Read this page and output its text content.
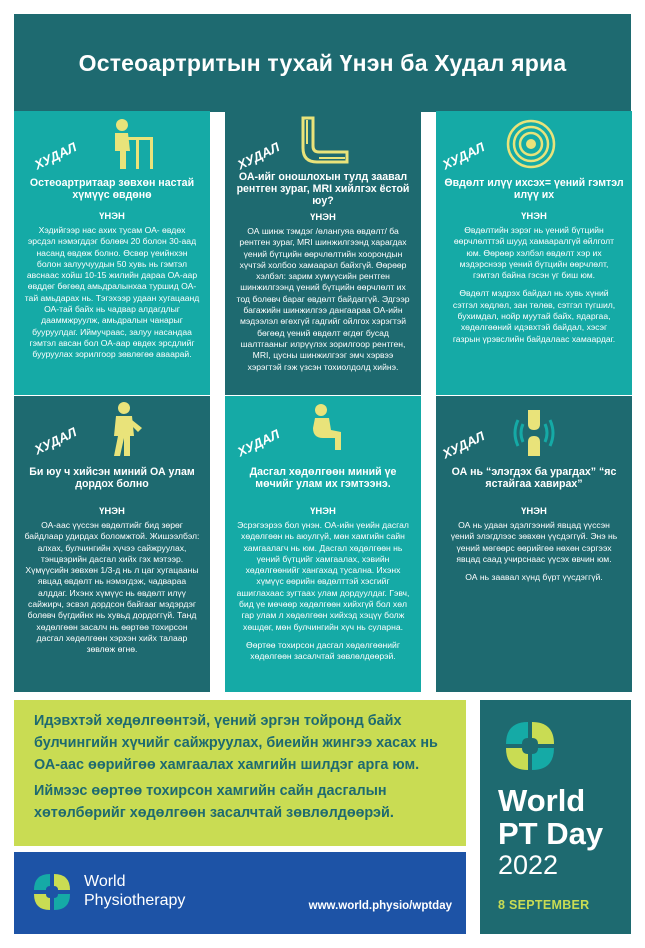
Остеоартритын тухай Үнэн ба Худал яриа
ХУДАЛ
Остеоартритаар зөвхөн настай хүмүүс өвдөнө
ҮНЭН

Хэдийгээр нас ахих тусам ОА- өвдөх эрсдэл нэмэгддэг болөвч 20 болон 30-аад насанд өвдөж болно. Өсвөр үеийнхэн болон залуучуудын 50 хувь нь гэмтэл авснаас хойш 10-15 жилийн дараа ОА-аар өвддөг бөгөөд амьдралынхаа туршид ОА-тай амьдарах нь. Тэгэхээр удаан хугацаанд ОА-тай байх нь чадвар алдагдлыг дааммжруулж, амьдралын чанарыг бууруулдаг. Иймучраас, залуу насандаа гэмтэл авсан бол ОА-аар өвдөх эрсдлийг бууруулах зорилгоор зөвлөгөө аваарай.

ХУДАЛ
ОА-ийг оношлохын тулд заавал рентген зураг, MRI хийлгэх ёстой юу?
ҮНЭН

ОА шинж тэмдэг /өлангуяа өвдөлт/ ба рентген зураг, MRI шинжилгээнд харагдах үений бүтцийн өөрчлөлтийн хоорондын хүчтэй холбоо хамаарал байхгүй. Өөрөөр хэлбэл: зарим хүмүүсийн рентген шинжилгээнд үений бүтцийн өөрчлөлт их тод болөвч бараг өвдөлт байдаггүй. Эдгээр багажийн шинжилгээ дангаараа ОА-ийн мэдээлэл өгөхгүй гадгийг ойлгох хэрэгтэй бөгөөд үений өвдөлт өгдөг бусад шалтгааныг илрүүлэх зорилгоор рентген, MRI, цусны шинжилгээг эмч хэрвээ хэрэгтэй гэж үзсэн тохиолдолд хийнэ.

ХУДАЛ
Өвдөлт илүү ихсэх= үений гэмтэл илүү их
ҮНЭН

Өвдөлтийн зэрэг нь үений бүтцийн өөрчлөлттэй шууд хамааралгүй өйлголт юм. Өөрөөр хэлбэл өвдөлт хэр их мэдэрснээр үений бүтцийн өөрчлөлт, гэмтэл байна гэсэн үг биш юм.

Өвдөлт мэдрэх байдал нь хувь хүний сэтгэл хөдлөл, зан төлөв, сэтгэл түгшил, бухимдал, нойр муутай байх, ядаргаа, хөдөлгөөний идэвхтэй байдал, хэсэг газрын үрэвслийн байдалаас хамаардаг.

ХУДАЛ
Би юу ч хийсэн миний ОА улам дордох болно
ҮНЭН

ОА-аас үүссэн өвдөлтийг бид зөрөг байдлаар удирдах боломжтой. Жишээлбэл: алхах, булчингийн хүчээ сайжруулах, тэнцвэрийн дасгал хийх гэх мэтээр. Хүмүүсийн зөвхөн 1/3-д нь л цаг хугацааны явцад өвдөлт нь нэмэгдэж, чадвараа алддаг. Ихэнх хүмүүс нь өвдөлт илүү сайжирч, эсвэл дордсон байгааг мэдэрдэг болөвч бүгдийнх нь хувьд дордоггүй. Танд хөдөлгөөн засалч нь өөртөө тохирсон дасгал хөдөлгөөн хэрхэн хийх талаар зөвлөж өгнө.

ХУДАЛ
Дасгал хөдөлгөөн миний үе мөчийг улам их гэмтээнэ.
ҮНЭН

Эсрэгээрээ бол үнэн. ОА-ийн үеийн дасгал хөдөлгөөн нь аюулгүй, мөн хамгийн сайн хамгаалагч нь юм. Дасгал хөдөлгөөн нь үений бүтцийг хамгаалах, хэвийн хөдөлгөөнийг хангахад тусална. Ихэнх хүмүүс өөрийн өвдөлттэй хэсгийг ашиглахаас зугтаах улам дордуулдаг. Гэвч, бид үе мөчөөр хөдөлгөөн хийхгүй бол хөл гар улам л хөдөлгөөн хийхэд хэцүү болж хөшдөг, мөн булчингийн хүч нь суларна.

Өөртөө тохирсон дасгал хөдөлгөөнийг хөдөлгөөн засалчтай зөвлөлдөөрэй.

ХУДАЛ
ОА нь “элэгдэх ба урагдах” “яс ястайгаа хавирах”
ҮНЭН

ОА нь удаан эдэлгээний явцад үүссэн үений элэгдлээс зөвхөн үүсдэггүй. Энэ нь үений мөгөөрс өөрийгөө нөхөн сэргээх явцад саад учирснаас үүсэх өвчин юм.

ОА нь заавал хүнд бүрт үүсдэггүй.

Идэвхтэй хөдөлгөөнтэй, үений эргэн тойронд байх булчингийн хүчийг сайжруулах, биеийн жингээ хасах нь ОА-аас өөрийгөө хамгаалах хамгийн шилдэг арга юм.

Иймээс өөртөө тохирсон хамгийн сайн дасгалын хөтөлбөрийг хөдөлгөөн засалчтай зөвлөлдөөрэй.

World
Physiotherapy	www.world.physio/wptday
World
PT Day
2022
8 SEPTEMBER
